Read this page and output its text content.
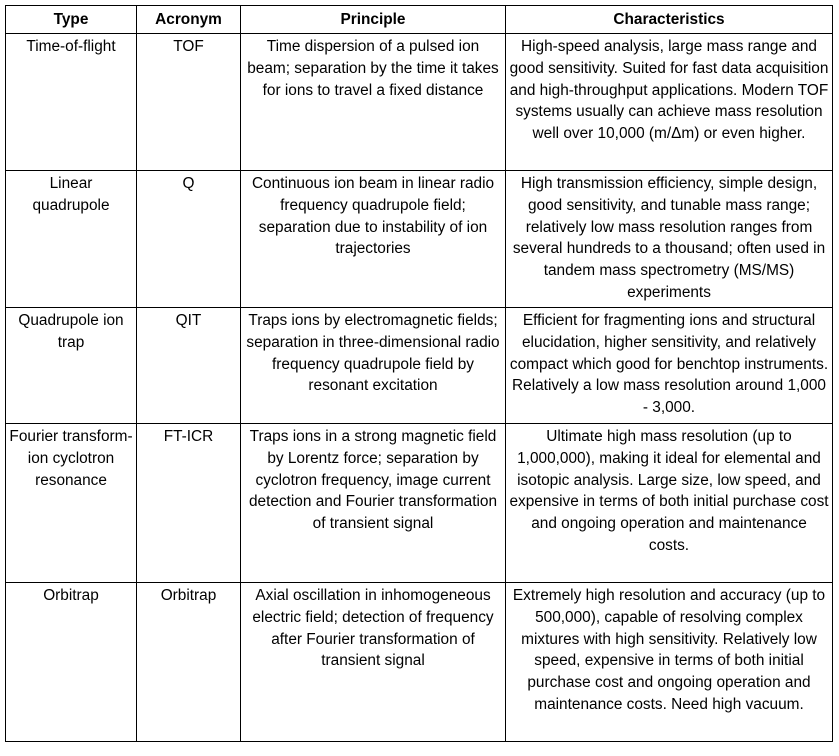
Type	Acronym	Principle	Characteristics
Time-of-flight	TOF	Time dispersion of a pulsed ion beam; separation by the time it takes for ions to travel a fixed distance	High-speed analysis, large mass range and good sensitivity. Suited for fast data acquisition and high-throughput applications. Modern TOF systems usually can achieve mass resolution well over 10,000 (m/Δm) or even higher.
Linear quadrupole	Q	Continuous ion beam in linear radio frequency quadrupole field; separation due to instability of ion trajectories	High transmission efficiency, simple design, good sensitivity, and tunable mass range; relatively low mass resolution ranges from several hundreds to a thousand; often used in tandem mass spectrometry (MS/MS) experiments
Quadrupole ion trap	QIT	Traps ions by electromagnetic fields; separation in three-dimensional radio frequency quadrupole field by resonant excitation	Efficient for fragmenting ions and structural elucidation, higher sensitivity, and relatively compact which good for benchtop instruments. Relatively a low mass resolution around 1,000 - 3,000.
Fourier transform-ion cyclotron resonance	FT-ICR	Traps ions in a strong magnetic field by Lorentz force; separation by cyclotron frequency, image current detection and Fourier transformation of transient signal	Ultimate high mass resolution (up to 1,000,000), making it ideal for elemental and isotopic analysis. Large size, low speed, and expensive in terms of both initial purchase cost and ongoing operation and maintenance costs.
Orbitrap	Orbitrap	Axial oscillation in inhomogeneous electric field; detection of frequency after Fourier transformation of transient signal	Extremely high resolution and accuracy (up to 500,000), capable of resolving complex mixtures with high sensitivity. Relatively low speed, expensive in terms of both initial purchase cost and ongoing operation and maintenance costs. Need high vacuum.
